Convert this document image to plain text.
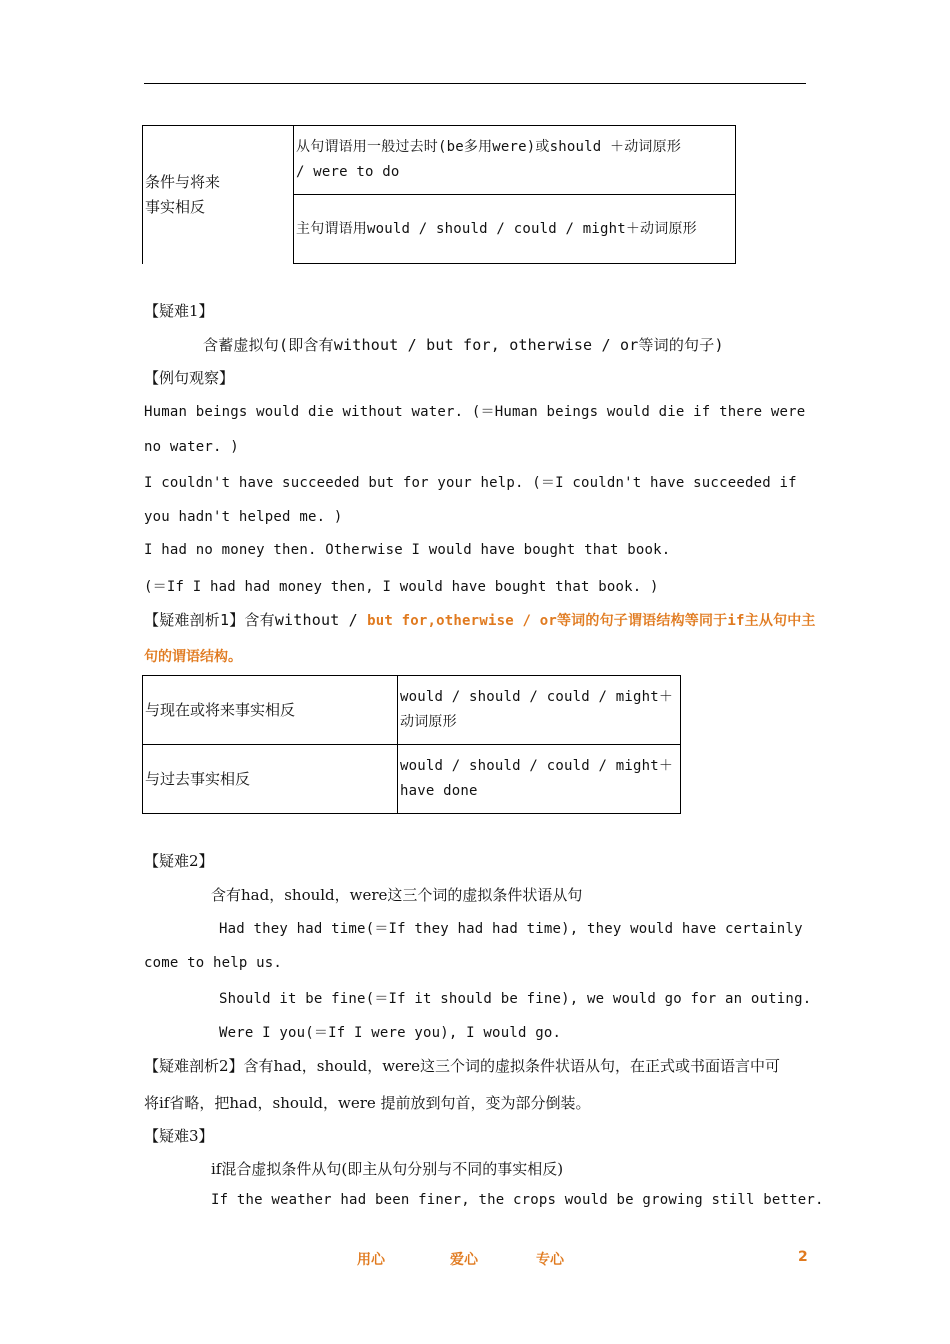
条件与将来
事实相反	从句谓语用一般过去时(be多用were)或should ＋动词原形
/ were to do
主句谓语用would / should / could / might＋动词原形
【疑难1】
含蓄虚拟句(即含有without / but for, otherwise / or等词的句子)
【例句观察】
Human beings would die without water. (＝Human beings would die if there were
no water. )
I couldn't have succeeded but for your help. (＝I couldn't have succeeded if
you hadn't helped me. )
I had no money then. Otherwise I would have bought that book.
(＝If I had had money then, I would have bought that book. )
【疑难剖析1】含有without / but for,otherwise / or等词的句子谓语结构等同于if主从句中主
句的谓语结构。
与现在或将来事实相反	would / should / could / might＋
动词原形
与过去事实相反	would / should / could / might＋
have done
【疑难2】
含有had，should，were这三个词的虚拟条件状语从句
Had they had time(＝If they had had time), they would have certainly
come to help us.
Should it be fine(＝If it should be fine), we would go for an outing.
Were I you(＝If I were you), I would go.
【疑难剖析2】含有had，should，were这三个词的虚拟条件状语从句，在正式或书面语言中可
将if省略，把had，should，were 提前放到句首，变为部分倒装。
【疑难3】
if混合虚拟条件从句(即主从句分别与不同的事实相反)
If the weather had been finer, the crops would be growing still better.
用心	爱心	专心	2
